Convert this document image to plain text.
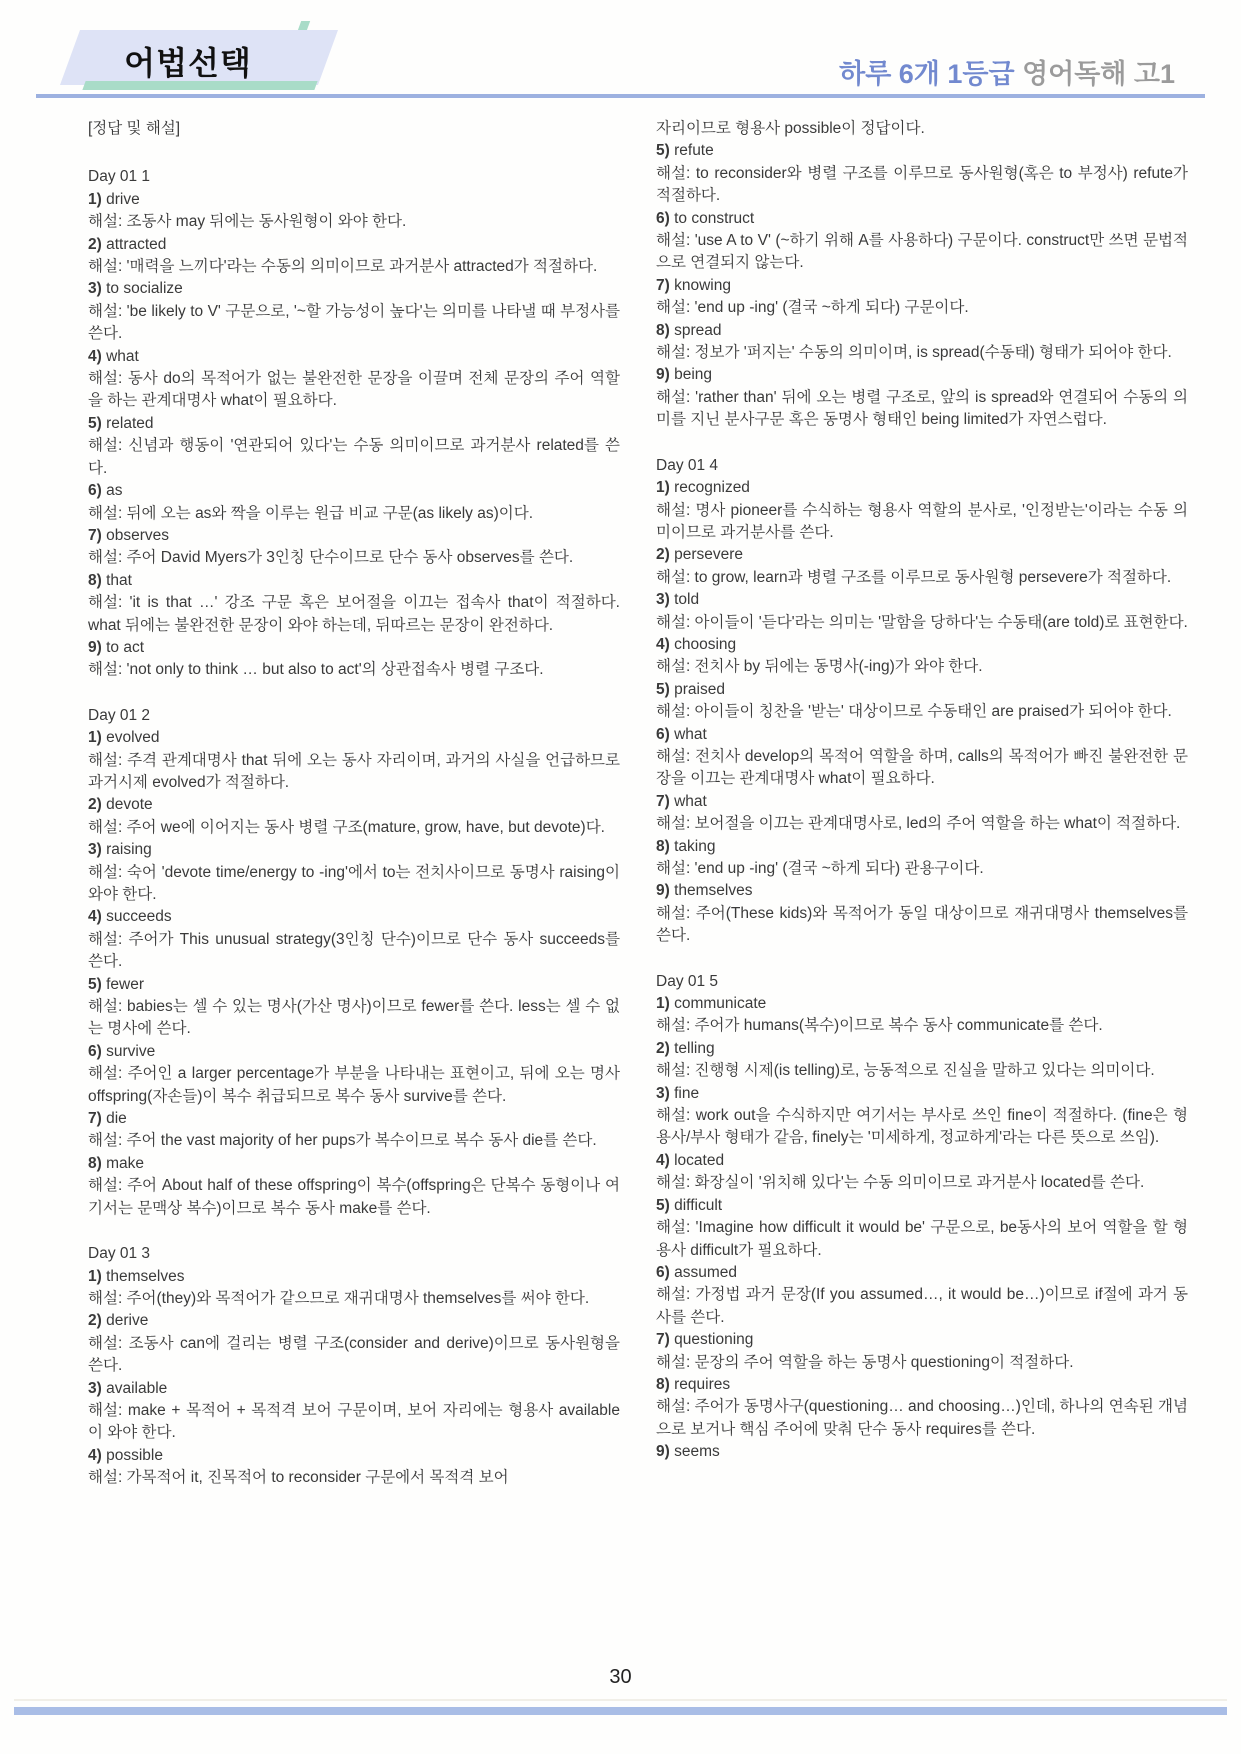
어법선택	하루 6개 1등급 영어독해 고1

[정답 및 해설]

Day 01 1

1) drive

해설: 조동사 may 뒤에는 동사원형이 와야 한다.

2) attracted

해설: '매력을 느끼다'라는 수동의 의미이므로 과거분사 attracted가 적절하다.

3) to socialize

해설: 'be likely to V' 구문으로, '~할 가능성이 높다'는 의미를 나타낼 때 부정사를 쓴다.

4) what

해설: 동사 do의 목적어가 없는 불완전한 문장을 이끌며 전체 문장의 주어 역할을 하는 관계대명사 what이 필요하다.

5) related

해설: 신념과 행동이 '연관되어 있다'는 수동 의미이므로 과거분사 related를 쓴다.

6) as

해설: 뒤에 오는 as와 짝을 이루는 원급 비교 구문(as likely as)이다.

7) observes

해설: 주어 David Myers가 3인칭 단수이므로 단수 동사 observes를 쓴다.

8) that

해설: 'it is that …' 강조 구문 혹은 보어절을 이끄는 접속사 that이 적절하다. what 뒤에는 불완전한 문장이 와야 하는데, 뒤따르는 문장이 완전하다.

9) to act

해설: 'not only to think … but also to act'의 상관접속사 병렬 구조다.

Day 01 2

1) evolved

해설: 주격 관계대명사 that 뒤에 오는 동사 자리이며, 과거의 사실을 언급하므로 과거시제 evolved가 적절하다.

2) devote

해설: 주어 we에 이어지는 동사 병렬 구조(mature, grow, have, but devote)다.

3) raising

해설: 숙어 'devote time/energy to -ing'에서 to는 전치사이므로 동명사 raising이 와야 한다.

4) succeeds

해설: 주어가 This unusual strategy(3인칭 단수)이므로 단수 동사 succeeds를 쓴다.

5) fewer

해설: babies는 셀 수 있는 명사(가산 명사)이므로 fewer를 쓴다. less는 셀 수 없는 명사에 쓴다.

6) survive

해설: 주어인 a larger percentage가 부분을 나타내는 표현이고, 뒤에 오는 명사 offspring(자손들)이 복수 취급되므로 복수 동사 survive를 쓴다.

7) die

해설: 주어 the vast majority of her pups가 복수이므로 복수 동사 die를 쓴다.

8) make

해설: 주어 About half of these offspring이 복수(offspring은 단복수 동형이나 여기서는 문맥상 복수)이므로 복수 동사 make를 쓴다.

Day 01 3

1) themselves

해설: 주어(they)와 목적어가 같으므로 재귀대명사 themselves를 써야 한다.

2) derive

해설: 조동사 can에 걸리는 병렬 구조(consider and derive)이므로 동사원형을 쓴다.

3) available

해설: make + 목적어 + 목적격 보어 구문이며, 보어 자리에는 형용사 available이 와야 한다.

4) possible

해설: 가목적어 it, 진목적어 to reconsider 구문에서 목적격 보어

자리이므로 형용사 possible이 정답이다.

5) refute

해설: to reconsider와 병렬 구조를 이루므로 동사원형(혹은 to 부정사) refute가 적절하다.

6) to construct

해설: 'use A to V' (~하기 위해 A를 사용하다) 구문이다. construct만 쓰면 문법적으로 연결되지 않는다.

7) knowing

해설: 'end up -ing' (결국 ~하게 되다) 구문이다.

8) spread

해설: 정보가 '퍼지는' 수동의 의미이며, is spread(수동태) 형태가 되어야 한다.

9) being

해설: 'rather than' 뒤에 오는 병렬 구조로, 앞의 is spread와 연결되어 수동의 의미를 지닌 분사구문 혹은 동명사 형태인 being limited가 자연스럽다.

Day 01 4

1) recognized

해설: 명사 pioneer를 수식하는 형용사 역할의 분사로, '인정받는'이라는 수동 의미이므로 과거분사를 쓴다.

2) persevere

해설: to grow, learn과 병렬 구조를 이루므로 동사원형 persevere가 적절하다.

3) told

해설: 아이들이 '듣다'라는 의미는 '말함을 당하다'는 수동태(are told)로 표현한다.

4) choosing

해설: 전치사 by 뒤에는 동명사(-ing)가 와야 한다.

5) praised

해설: 아이들이 칭찬을 '받는' 대상이므로 수동태인 are praised가 되어야 한다.

6) what

해설: 전치사 develop의 목적어 역할을 하며, calls의 목적어가 빠진 불완전한 문장을 이끄는 관계대명사 what이 필요하다.

7) what

해설: 보어절을 이끄는 관계대명사로, led의 주어 역할을 하는 what이 적절하다.

8) taking

해설: 'end up -ing' (결국 ~하게 되다) 관용구이다.

9) themselves

해설: 주어(These kids)와 목적어가 동일 대상이므로 재귀대명사 themselves를 쓴다.

Day 01 5

1) communicate

해설: 주어가 humans(복수)이므로 복수 동사 communicate를 쓴다.

2) telling

해설: 진행형 시제(is telling)로, 능동적으로 진실을 말하고 있다는 의미이다.

3) fine

해설: work out을 수식하지만 여기서는 부사로 쓰인 fine이 적절하다. (fine은 형용사/부사 형태가 같음, finely는 '미세하게, 정교하게'라는 다른 뜻으로 쓰임).

4) located

해설: 화장실이 '위치해 있다'는 수동 의미이므로 과거분사 located를 쓴다.

5) difficult

해설: 'Imagine how difficult it would be' 구문으로, be동사의 보어 역할을 할 형용사 difficult가 필요하다.

6) assumed

해설: 가정법 과거 문장(If you assumed…, it would be…)이므로 if절에 과거 동사를 쓴다.

7) questioning

해설: 문장의 주어 역할을 하는 동명사 questioning이 적절하다.

8) requires

해설: 주어가 동명사구(questioning… and choosing…)인데, 하나의 연속된 개념으로 보거나 핵심 주어에 맞춰 단수 동사 requires를 쓴다.

9) seems

30
